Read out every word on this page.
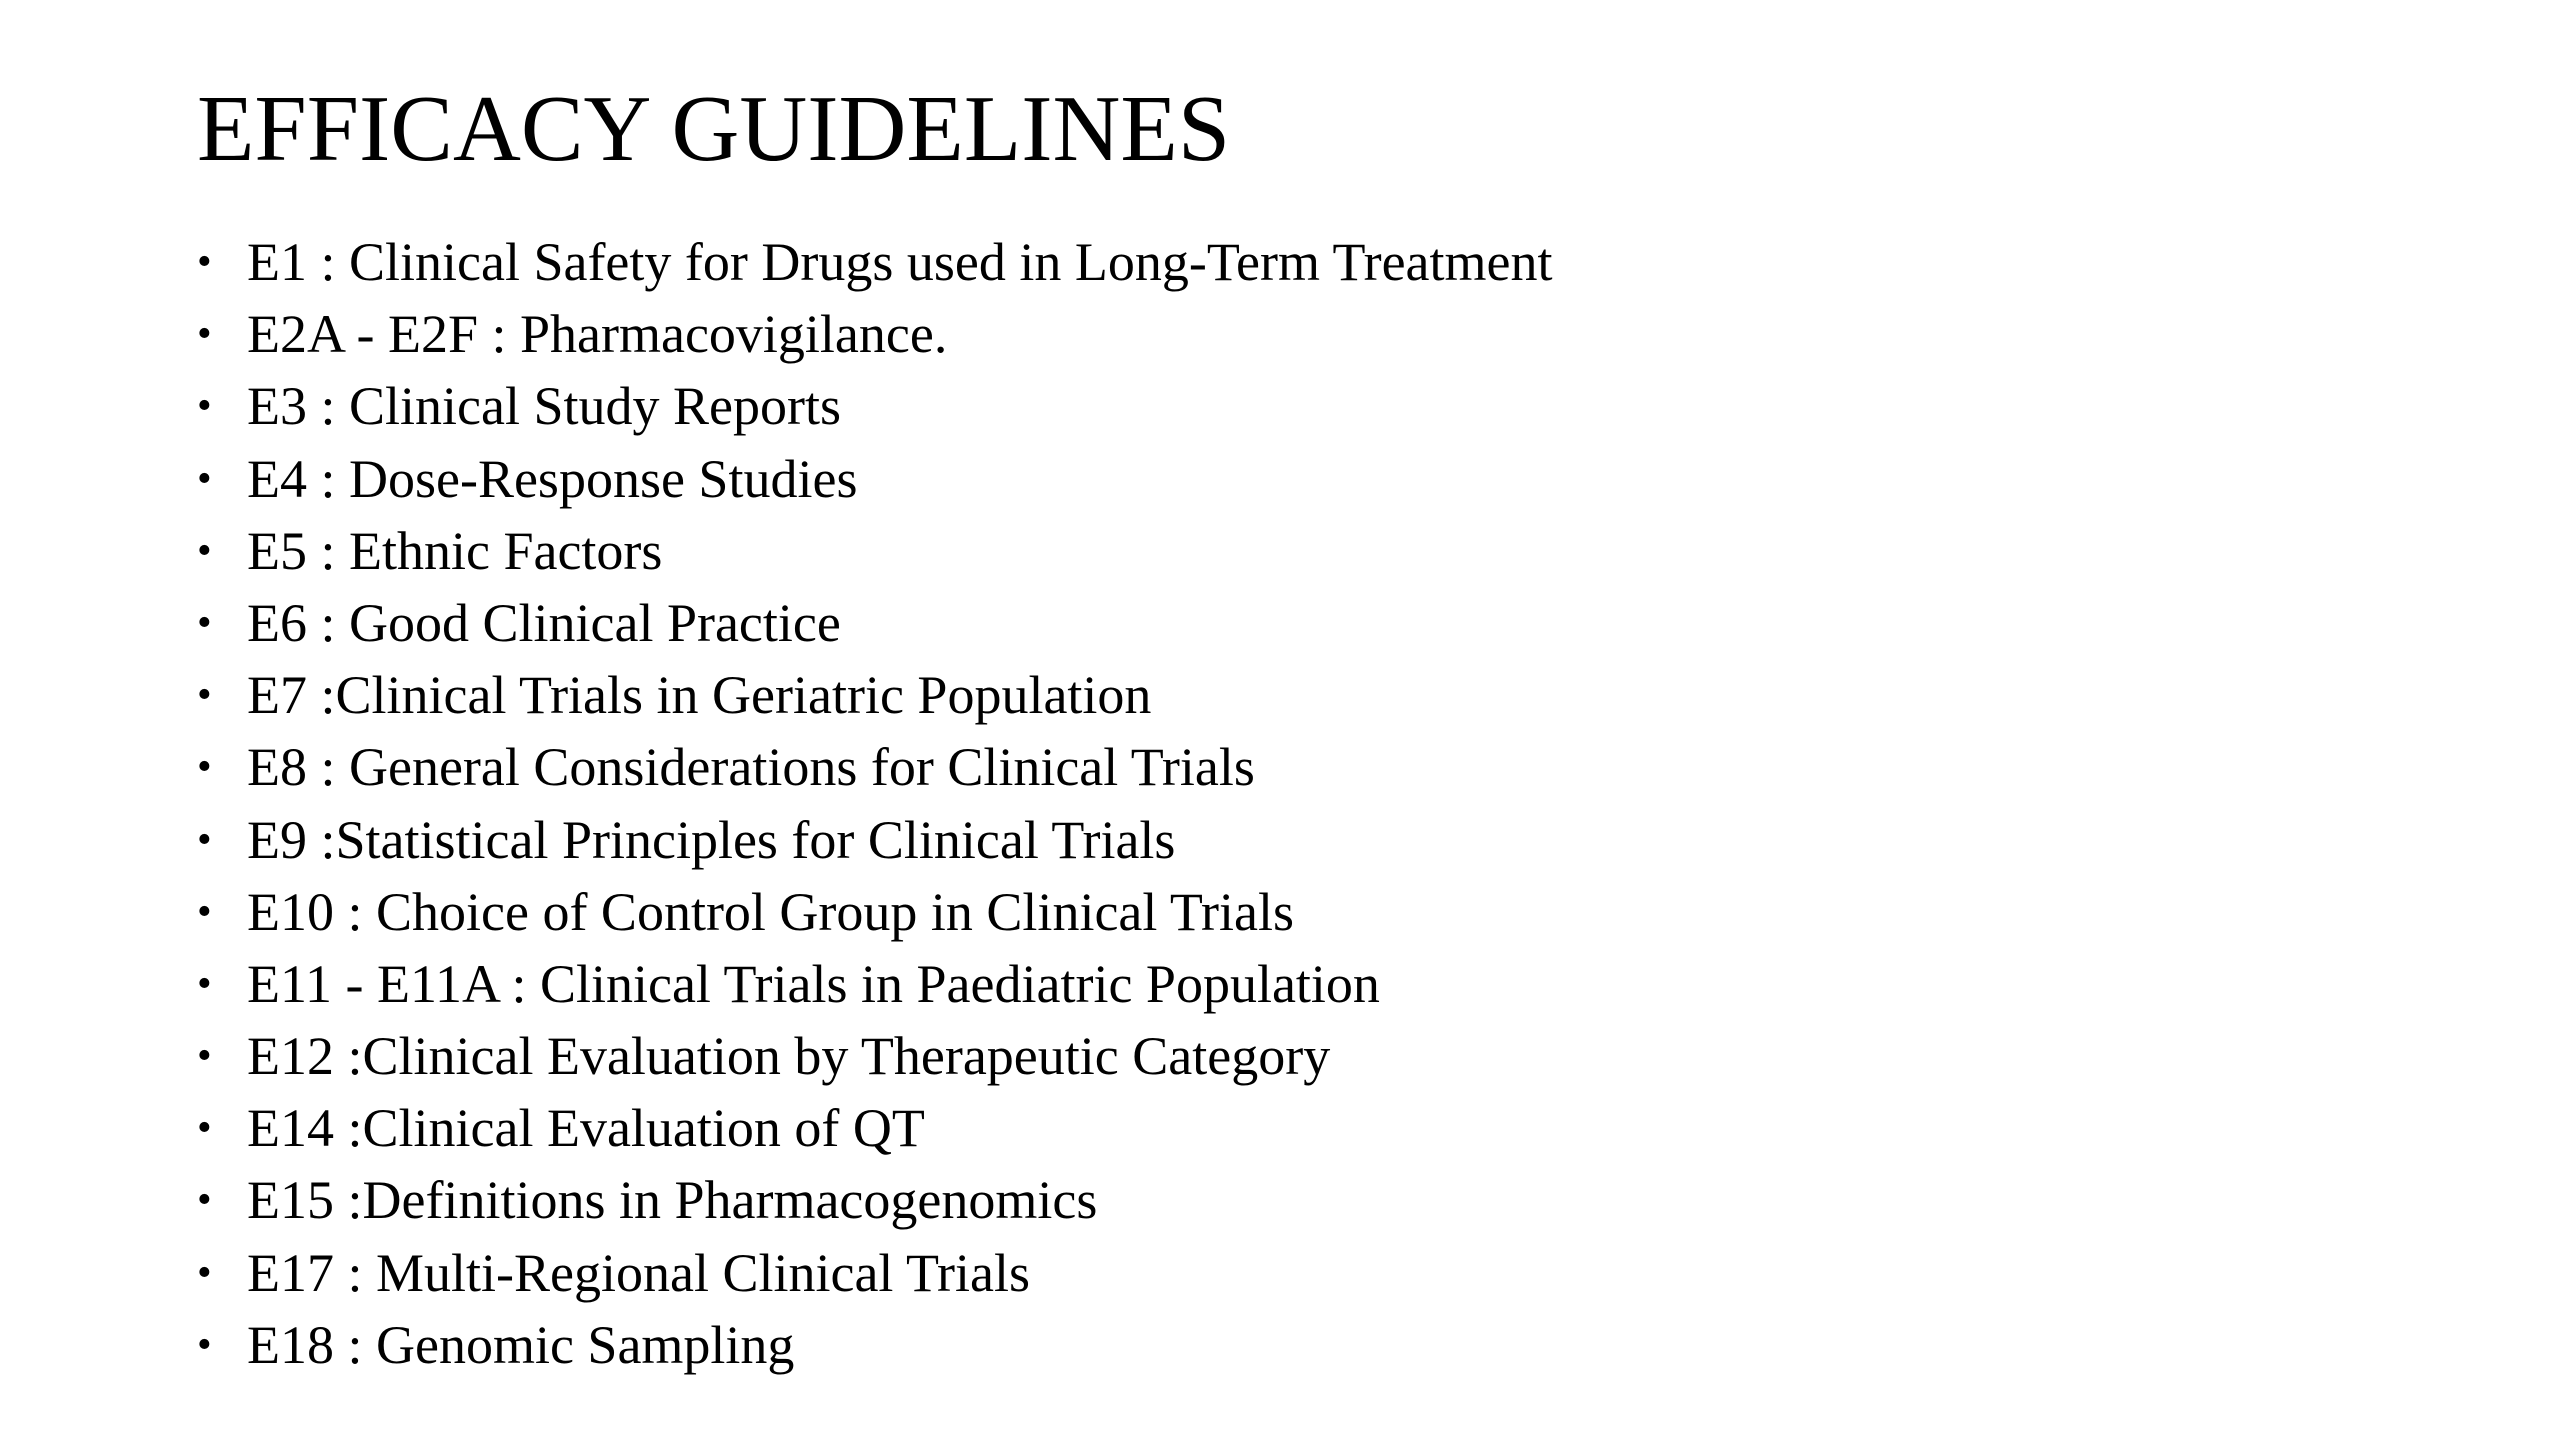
EFFICACY GUIDELINES
• E1 : Clinical Safety for Drugs used in Long-Term Treatment
• E2A - E2F : Pharmacovigilance.
• E3 : Clinical Study Reports
• E4 : Dose-Response Studies
• E5 : Ethnic Factors
• E6 : Good Clinical Practice
• E7 :Clinical Trials in Geriatric Population
• E8 : General Considerations for Clinical Trials
• E9 :Statistical Principles for Clinical Trials
• E10 : Choice of Control Group in Clinical Trials
• E11 - E11A : Clinical Trials in Paediatric Population
• E12 :Clinical Evaluation by Therapeutic Category
• E14 :Clinical Evaluation of QT
• E15 :Definitions in Pharmacogenomics
• E17 : Multi-Regional Clinical Trials
• E18 : Genomic Sampling
